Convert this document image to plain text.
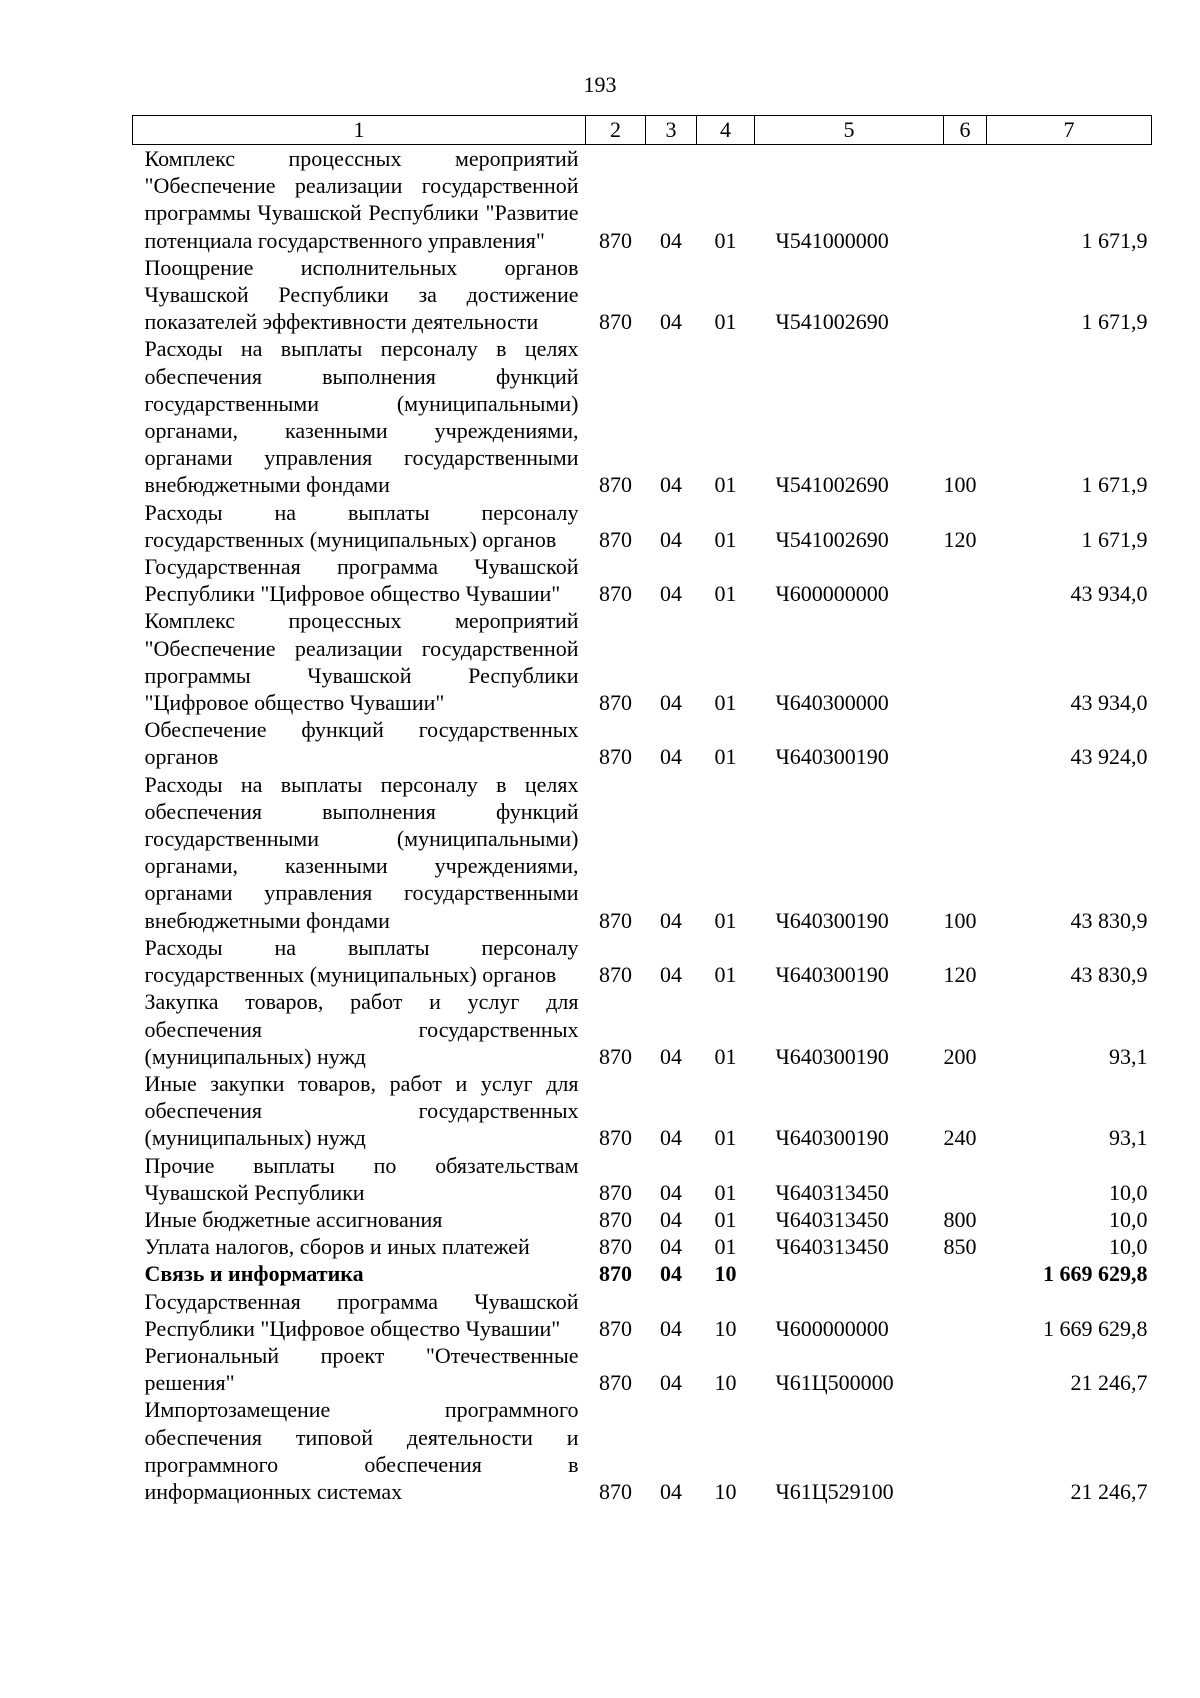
193
1	2	3	4	5	6	7

Комплекс процессных мероприятий "Обеспечение реализации государственной программы Чувашской Республики "Развитие потенциала государственного управления"	870	04	01	Ч541000000		1 671,9

Поощрение исполнительных органов Чувашской Республики за достижение показателей эффективности деятельности	870	04	01	Ч541002690		1 671,9

Расходы на выплаты персоналу в целях обеспечения выполнения функций государственными (муниципальными) органами, казенными учреждениями, органами управления государственными внебюджетными фондами	870	04	01	Ч541002690	100	1 671,9

Расходы на выплаты персоналу государственных (муниципальных) органов	870	04	01	Ч541002690	120	1 671,9

Государственная программа Чувашской Республики "Цифровое общество Чувашии"	870	04	01	Ч600000000		43 934,0

Комплекс процессных мероприятий "Обеспечение реализации государственной программы Чувашской Республики "Цифровое общество Чувашии"	870	04	01	Ч640300000		43 934,0

Обеспечение функций государственных органов	870	04	01	Ч640300190		43 924,0

Расходы на выплаты персоналу в целях обеспечения выполнения функций государственными (муниципальными) органами, казенными учреждениями, органами управления государственными внебюджетными фондами	870	04	01	Ч640300190	100	43 830,9

Расходы на выплаты персоналу государственных (муниципальных) органов	870	04	01	Ч640300190	120	43 830,9

Закупка товаров, работ и услуг для обеспечения государственных (муниципальных) нужд	870	04	01	Ч640300190	200	93,1

Иные закупки товаров, работ и услуг для обеспечения государственных (муниципальных) нужд	870	04	01	Ч640300190	240	93,1

Прочие выплаты по обязательствам Чувашской Республики	870	04	01	Ч640313450		10,0

Иные бюджетные ассигнования	870	04	01	Ч640313450	800	10,0

Уплата налогов, сборов и иных платежей	870	04	01	Ч640313450	850	10,0

Связь и информатика	870	04	10			1 669 629,8

Государственная программа Чувашской Республики "Цифровое общество Чувашии"	870	04	10	Ч600000000		1 669 629,8

Региональный проект "Отечественные решения"	870	04	10	Ч61Ц500000		21 246,7

Импортозамещение программного обеспечения типовой деятельности и программного обеспечения в информационных системах	870	04	10	Ч61Ц529100		21 246,7
